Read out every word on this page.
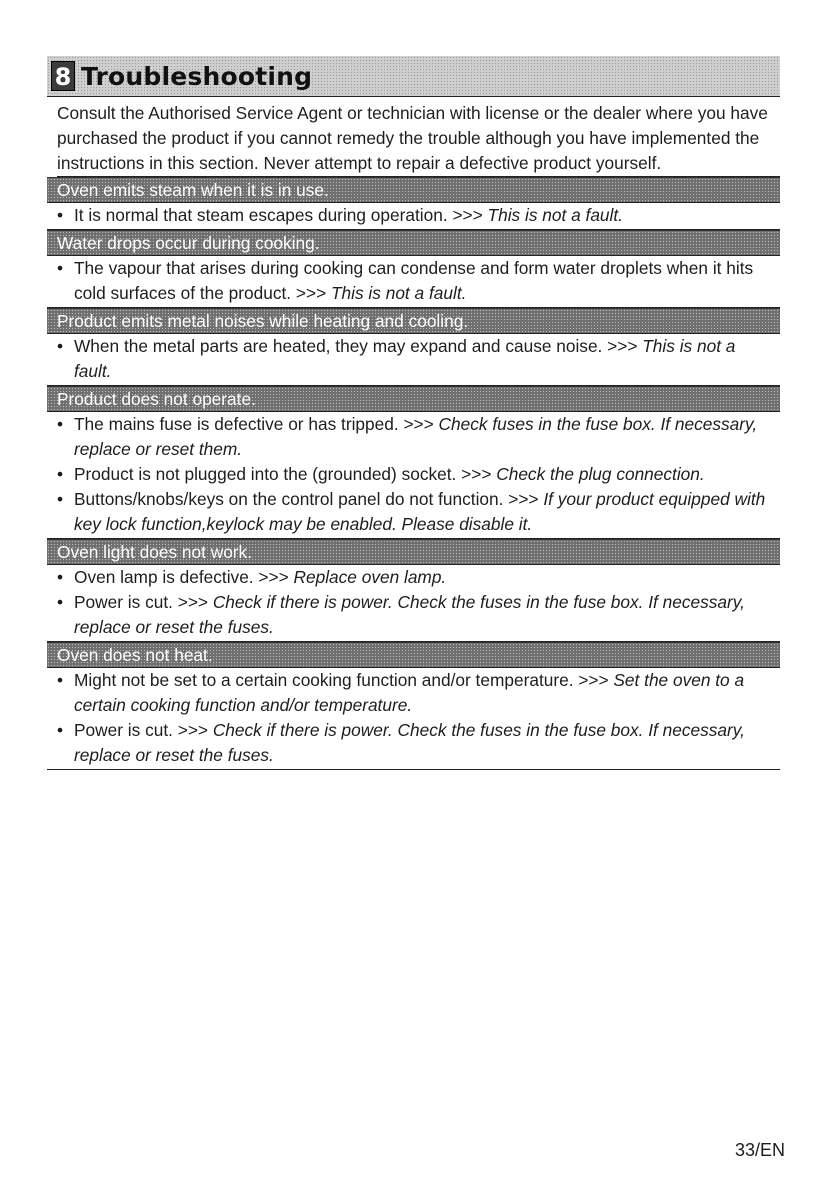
8 Troubleshooting
Consult the Authorised Service Agent or technician with license or the dealer where you have purchased the product if you cannot remedy the trouble although you have implemented the instructions in this section. Never attempt to repair a defective product yourself.
Oven emits steam when it is in use.
• It is normal that steam escapes during operation. >>> This is not a fault.
Water drops occur during cooking.
• The vapour that arises during cooking can condense and form water droplets when it hits cold surfaces of the product. >>> This is not a fault.
Product emits metal noises while heating and cooling.
• When the metal parts are heated, they may expand and cause noise. >>> This is not a fault.
Product does not operate.
• The mains fuse is defective or has tripped. >>> Check fuses in the fuse box. If necessary, replace or reset them.
• Product is not plugged into the (grounded) socket. >>> Check the plug connection.
• Buttons/knobs/keys on the control panel do not function. >>> If your product equipped with key lock function,keylock may be enabled. Please disable it.
Oven light does not work.
• Oven lamp is defective. >>> Replace oven lamp.
• Power is cut. >>> Check if there is power. Check the fuses in the fuse box. If necessary, replace or reset the fuses.
Oven does not heat.
• Might not be set to a certain cooking function and/or temperature. >>> Set the oven to a certain cooking function and/or temperature.
• Power is cut. >>> Check if there is power. Check the fuses in the fuse box. If necessary, replace or reset the fuses.
33/EN
